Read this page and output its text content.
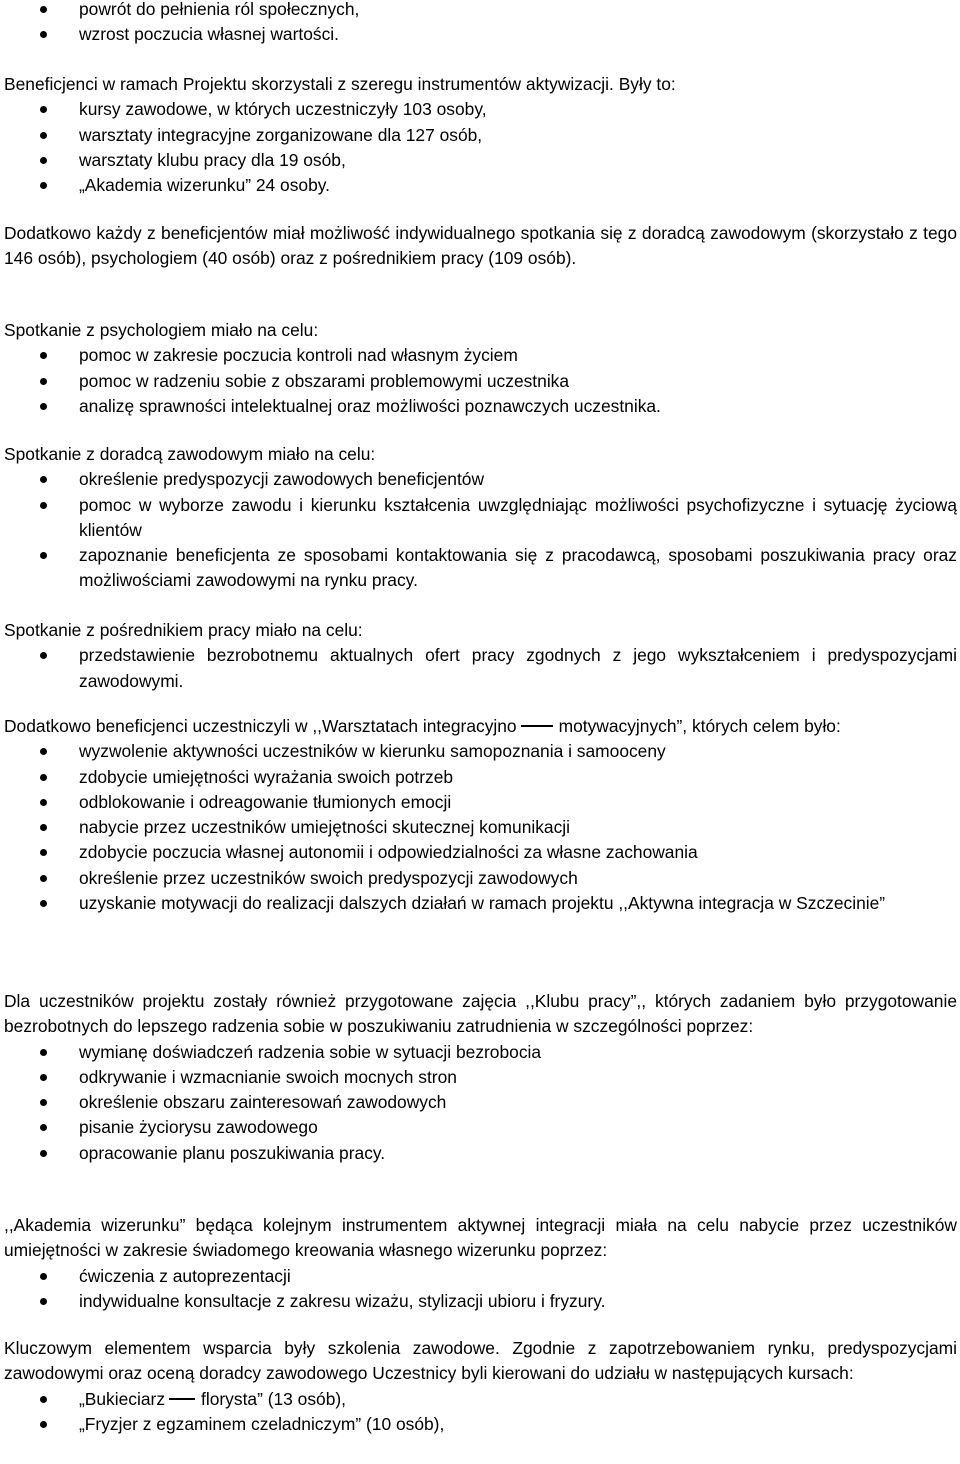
powrót do pełnienia ról społecznych,
wzrost poczucia własnej wartości.

Beneficjenci w ramach Projektu skorzystali z szeregu instrumentów aktywizacji. Były to:

kursy zawodowe, w których uczestniczyły 103 osoby,
warsztaty integracyjne zorganizowane dla 127 osób,
warsztaty klubu pracy dla 19 osób,
„Akademia wizerunku” 24 osoby.

Dodatkowo każdy z beneficjentów miał możliwość indywidualnego spotkania się z doradcą zawodowym (skorzystało z tego 146 osób), psychologiem (40 osób) oraz z pośrednikiem pracy (109 osób).

Spotkanie z psychologiem miało na celu:

pomoc w zakresie poczucia kontroli nad własnym życiem
pomoc w radzeniu sobie z obszarami problemowymi uczestnika
analizę sprawności intelektualnej oraz możliwości poznawczych uczestnika.

Spotkanie z doradcą zawodowym miało na celu:

określenie predyspozycji zawodowych beneficjentów
pomoc w wyborze zawodu i kierunku kształcenia uwzględniając możliwości psychofizyczne i sytuację życiową klientów
zapoznanie beneficjenta ze sposobami kontaktowania się z pracodawcą, sposobami poszukiwania pracy oraz możliwościami zawodowymi na rynku pracy.

Spotkanie z pośrednikiem pracy miało na celu:

przedstawienie bezrobotnemu aktualnych ofert pracy zgodnych z jego wykształceniem i predyspozycjami zawodowymi.

Dodatkowo beneficjenci uczestniczyli w ,,Warsztatach integracyjno motywacyjnych”, których celem było:

wyzwolenie aktywności uczestników w kierunku samopoznania i samooceny
zdobycie umiejętności wyrażania swoich potrzeb
odblokowanie i odreagowanie tłumionych emocji
nabycie przez uczestników umiejętności skutecznej komunikacji
zdobycie poczucia własnej autonomii i odpowiedzialności za własne zachowania
określenie przez uczestników swoich predyspozycji zawodowych
uzyskanie motywacji do realizacji dalszych działań w ramach projektu ,,Aktywna integracja w Szczecinie”

Dla uczestników projektu zostały również przygotowane zajęcia ,,Klubu pracy”,, których zadaniem było przygotowanie bezrobotnych do lepszego radzenia sobie w poszukiwaniu zatrudnienia w szczególności poprzez:

wymianę doświadczeń radzenia sobie w sytuacji bezrobocia
odkrywanie i wzmacnianie swoich mocnych stron
określenie obszaru zainteresowań zawodowych
pisanie życiorysu zawodowego
opracowanie planu poszukiwania pracy.

,,Akademia wizerunku” będąca kolejnym instrumentem aktywnej integracji miała na celu nabycie przez uczestników umiejętności w zakresie świadomego kreowania własnego wizerunku poprzez:

ćwiczenia z autoprezentacji
indywidualne konsultacje z zakresu wizażu, stylizacji ubioru i fryzury.

Kluczowym elementem wsparcia były szkolenia zawodowe. Zgodnie z zapotrzebowaniem rynku, predyspozycjami zawodowymi oraz oceną doradcy zawodowego Uczestnicy byli kierowani do udziału w następujących kursach:

„Bukieciarz florysta” (13 osób),
„Fryzjer z egzaminem czeladniczym” (10 osób),
